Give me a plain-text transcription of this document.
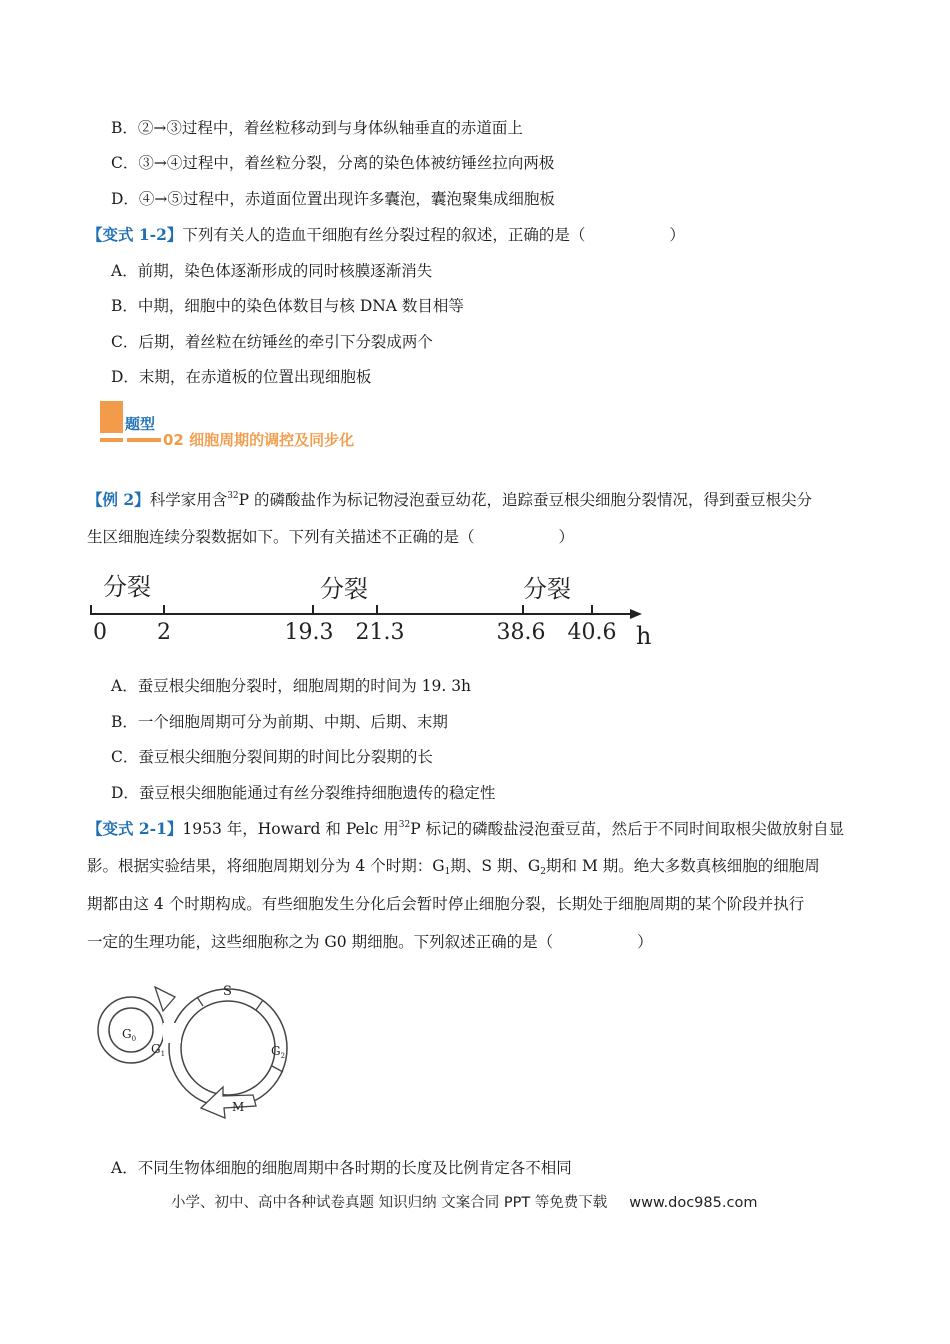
B．②→③过程中，着丝粒移动到与身体纵轴垂直的赤道面上
C．③→④过程中，着丝粒分裂，分离的染色体被纺锤丝拉向两极
D．④→⑤过程中，赤道面位置出现许多囊泡，囊泡聚集成细胞板
【变式 1-2】下列有关人的造血干细胞有丝分裂过程的叙述，正确的是（	）
A．前期，染色体逐渐形成的同时核膜逐渐消失
B．中期，细胞中的染色体数目与核 DNA 数目相等
C．后期，着丝粒在纺锤丝的牵引下分裂成两个
D．末期，在赤道板的位置出现细胞板
题型
02 细胞周期的调控及同步化
【例 2】科学家用含$^{32}$P 的磷酸盐作为标记物浸泡蚕豆幼花，追踪蚕豆根尖细胞分裂情况，得到蚕豆根尖分
生区细胞连续分裂数据如下。下列有关描述不正确的是（	）
分裂	分裂	分裂
0 2	19.3 21.3	38.6 40.6 h
A．蚕豆根尖细胞分裂时，细胞周期的时间为 19. 3h
B．一个细胞周期可分为前期、中期、后期、末期
C．蚕豆根尖细胞分裂间期的时间比分裂期的长
D．蚕豆根尖细胞能通过有丝分裂维持细胞遗传的稳定性
【变式 2-1】1953 年，Howard 和 Pelc 用$^{32}$P 标记的磷酸盐浸泡蚕豆苗，然后于不同时间取根尖做放射自显
影。根据实验结果，将细胞周期划分为 4 个时期：$G_1$期、S 期、$G_2$期和 M 期。绝大多数真核细胞的细胞周
期都由这 4 个时期构成。有些细胞发生分化后会暂时停止细胞分裂，长期处于细胞周期的某个阶段并执行
一定的生理功能，这些细胞称之为 G0 期细胞。下列叙述正确的是（	）
S
$G_0$
$G_1$	$G_2$
M
A．不同生物体细胞的细胞周期中各时期的长度及比例肯定各不相同
小学、初中、高中各种试卷真题 知识归纳 文案合同 PPT 等免费下载 www.doc985.com
